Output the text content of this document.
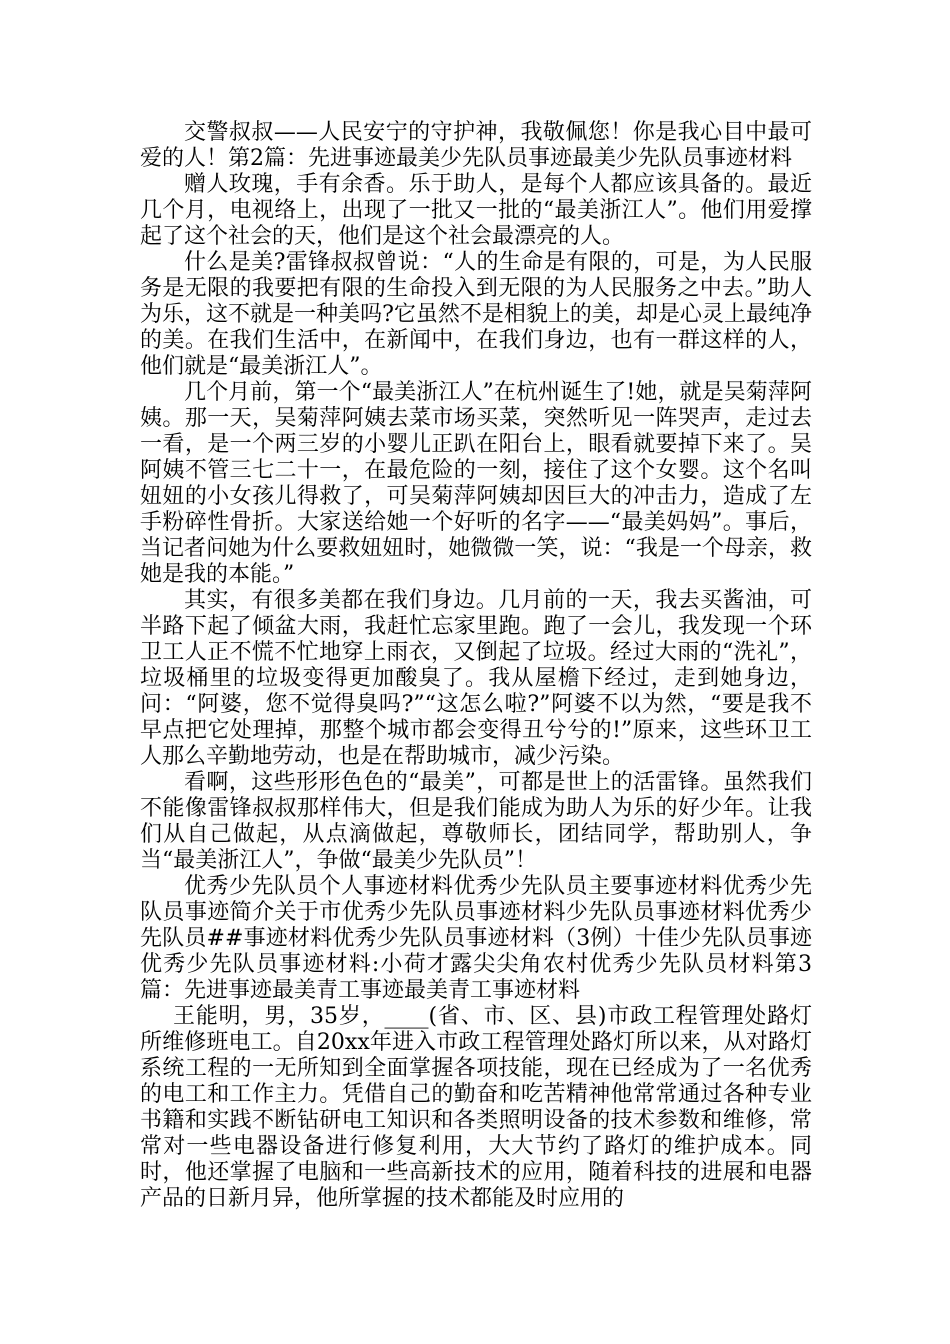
交警叔叔——人民安宁的守护神，我敬佩您！你是我心目中最可爱的人！第2篇：先进事迹最美少先队员事迹最美少先队员事迹材料

赠人玫瑰，手有余香。乐于助人，是每个人都应该具备的。最近几个月，电视络上，出现了一批又一批的“最美浙江人”。他们用爱撑起了这个社会的天，他们是这个社会最漂亮的人。

什么是美?雷锋叔叔曾说：“人的生命是有限的，可是，为人民服务是无限的我要把有限的生命投入到无限的为人民服务之中去。”助人为乐，这不就是一种美吗?它虽然不是相貌上的美，却是心灵上最纯净的美。在我们生活中，在新闻中，在我们身边，也有一群这样的人，他们就是“最美浙江人”。

几个月前，第一个“最美浙江人”在杭州诞生了!她，就是吴菊萍阿姨。那一天，吴菊萍阿姨去菜市场买菜，突然听见一阵哭声，走过去一看，是一个两三岁的小婴儿正趴在阳台上，眼看就要掉下来了。吴阿姨不管三七二十一，在最危险的一刻，接住了这个女婴。这个名叫妞妞的小女孩儿得救了，可吴菊萍阿姨却因巨大的冲击力，造成了左手粉碎性骨折。大家送给她一个好听的名字——“最美妈妈”。事后，当记者问她为什么要救妞妞时，她微微一笑，说：“我是一个母亲，救她是我的本能。”

其实，有很多美都在我们身边。几月前的一天，我去买酱油，可半路下起了倾盆大雨，我赶忙忘家里跑。跑了一会儿，我发现一个环卫工人正不慌不忙地穿上雨衣，又倒起了垃圾。经过大雨的“洗礼”，垃圾桶里的垃圾变得更加酸臭了。我从屋檐下经过，走到她身边，问：“阿婆，您不觉得臭吗?”“这怎么啦?”阿婆不以为然，“要是我不早点把它处理掉，那整个城市都会变得丑兮兮的!”原来，这些环卫工人那么辛勤地劳动，也是在帮助城市，减少污染。

看啊，这些形形色色的“最美”，可都是世上的活雷锋。虽然我们不能像雷锋叔叔那样伟大，但是我们能成为助人为乐的好少年。让我们从自己做起，从点滴做起，尊敬师长，团结同学，帮助别人，争当“最美浙江人”，争做“最美少先队员”！

优秀少先队员个人事迹材料优秀少先队员主要事迹材料优秀少先队员事迹简介关于市优秀少先队员事迹材料少先队员事迹材料优秀少先队员##事迹材料优秀少先队员事迹材料（3例）十佳少先队员事迹优秀少先队员事迹材料:小荷才露尖尖角农村优秀少先队员材料第3篇：先进事迹最美青工事迹最美青工事迹材料

王能明，男，35岁，____(省、市、区、县)市政工程管理处路灯所维修班电工。自20xx年进入市政工程管理处路灯所以来，从对路灯系统工程的一无所知到全面掌握各项技能，现在已经成为了一名优秀的电工和工作主力。凭借自己的勤奋和吃苦精神他常常通过各种专业书籍和实践不断钻研电工知识和各类照明设备的技术参数和维修，常常对一些电器设备进行修复利用，大大节约了路灯的维护成本。同时，他还掌握了电脑和一些高新技术的应用，随着科技的进展和电器产品的日新月异，他所掌握的技术都能及时应用的
